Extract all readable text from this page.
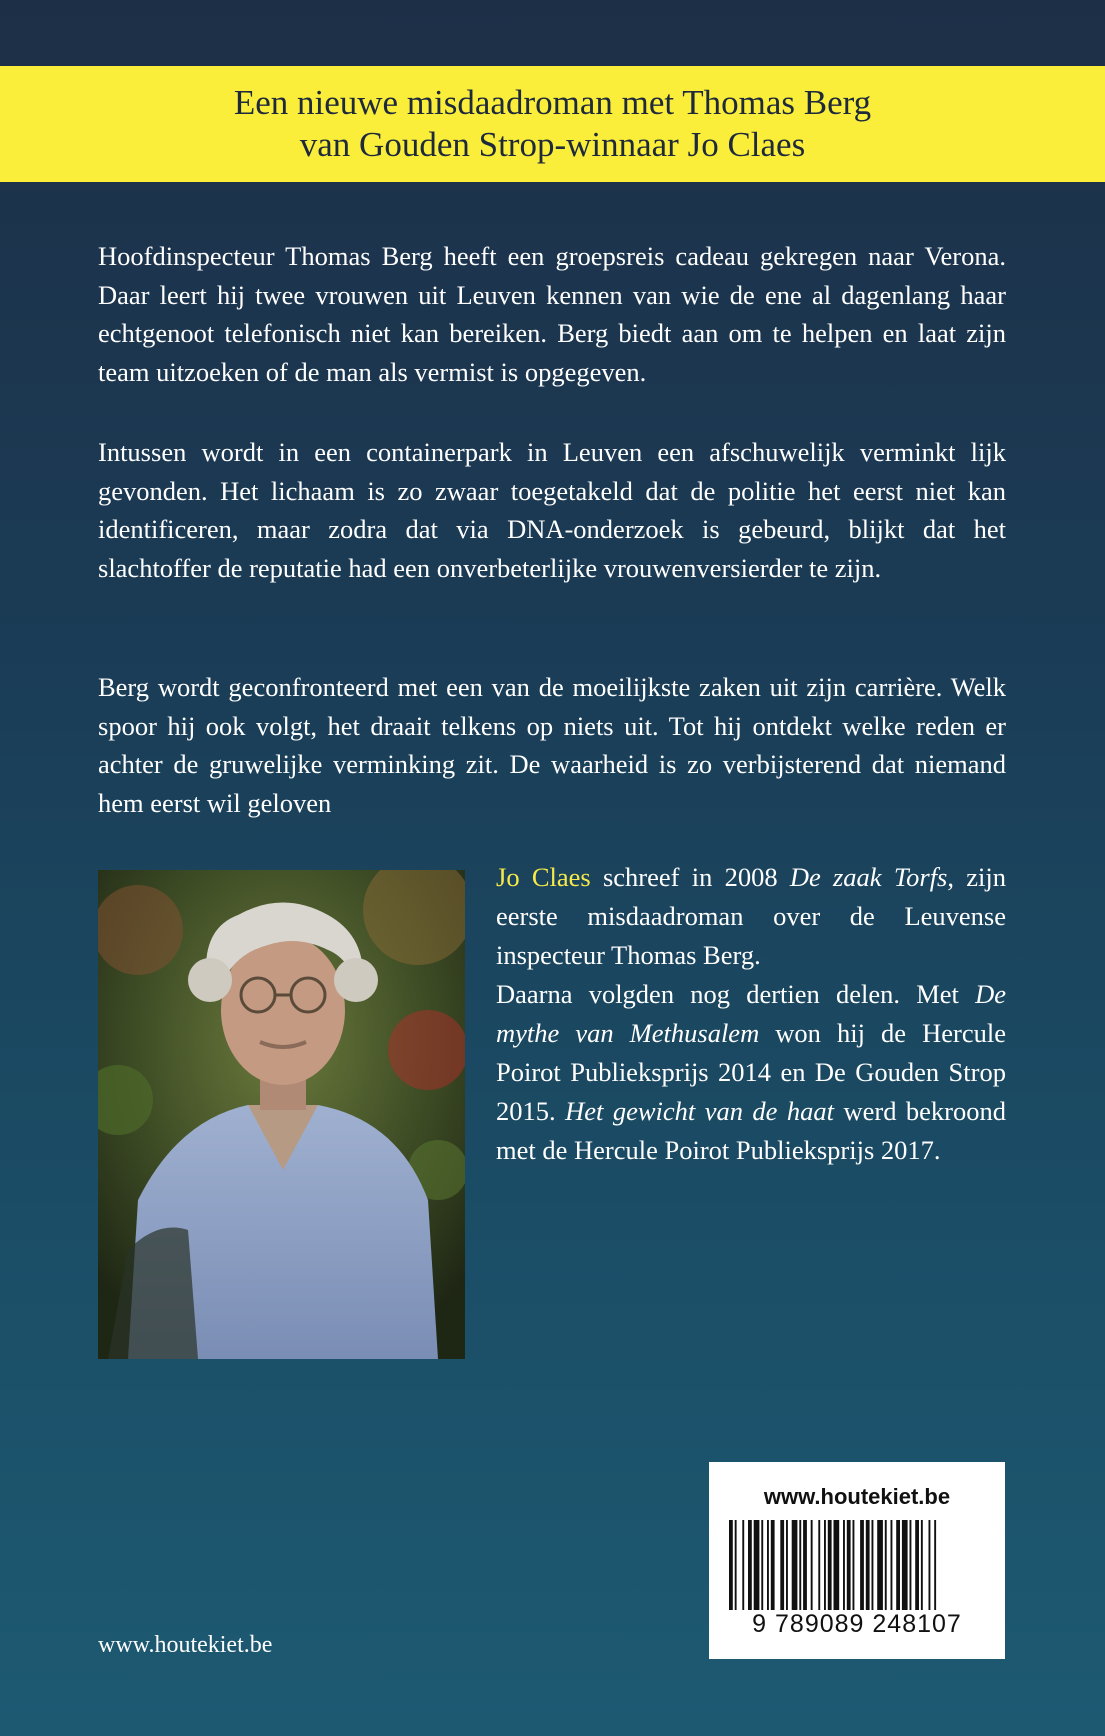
Een nieuwe misdaadroman met Thomas Berg
van Gouden Strop-winnaar Jo Claes
Hoofdinspecteur Thomas Berg heeft een groepsreis cadeau gekregen naar Verona. Daar leert hij twee vrouwen uit Leuven kennen van wie de ene al dagenlang haar echtgenoot telefonisch niet kan bereiken. Berg biedt aan om te helpen en laat zijn team uitzoeken of de man als vermist is opgegeven.
Intussen wordt in een containerpark in Leuven een afschuwelijk verminkt lijk gevonden. Het lichaam is zo zwaar toegetakeld dat de politie het eerst niet kan identificeren, maar zodra dat via DNA-onderzoek is gebeurd, blijkt dat het slachtoffer de reputatie had een onverbeterlijke vrouwenversierder te zijn.
Berg wordt geconfronteerd met een van de moeilijkste zaken uit zijn carrière. Welk spoor hij ook volgt, het draait telkens op niets uit. Tot hij ontdekt welke reden er achter de gruwelijke verminking zit. De waarheid is zo verbijsterend dat niemand hem eerst wil geloven
Jo Claes schreef in 2008 De zaak Torfs, zijn eerste misdaadroman over de Leuvense inspecteur Thomas Berg.
Daarna volgden nog dertien delen. Met De mythe van Methusalem won hij de Hercule Poirot Publieksprijs 2014 en De Gouden Strop 2015. Het gewicht van de haat werd bekroond met de Hercule Poirot Publieksprijs 2017.
www.houtekiet.be
www.houtekiet.be
9 789089 248107
